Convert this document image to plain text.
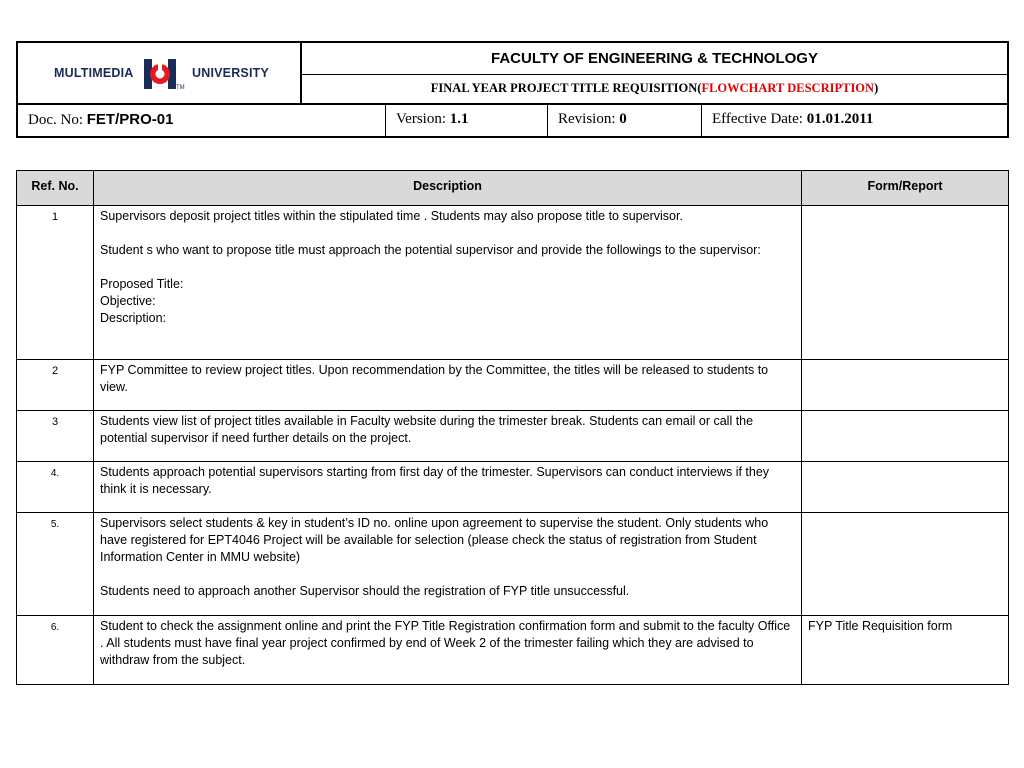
MULTIMEDIA
TM
UNIVERSITY
FACULTY OF ENGINEERING & TECHNOLOGY
FINAL YEAR PROJECT TITLE REQUISITION(FLOWCHART DESCRIPTION)
Doc. No: FET/PRO-01	Version: 1.1	Revision: 0	Effective Date: 01.01.2011
Ref. No.	Description	Form/Report
1	Supervisors deposit project titles within the stipulated time . Students may also propose title to supervisor.
Student s who want to propose title must approach the potential supervisor and provide the followings to the supervisor:
Proposed Title:
Objective:
Description:	

2	FYP Committee to review project titles. Upon recommendation by the Committee, the titles will be released to students to view.	

3	Students view list of project titles available in Faculty website during the trimester break. Students can email or call the potential supervisor if need further details on the project.	

4.	Students approach potential supervisors starting from first day of the trimester. Supervisors can conduct interviews if they think it is necessary.	

5.	Supervisors select students & key in student’s ID no. online upon agreement to supervise the student. Only students who have registered for EPT4046 Project will be available for selection (please check the status of registration from Student Information Center in MMU website)
Students need to approach another Supervisor should the registration of FYP title unsuccessful.	

6.	Student to check the assignment online and print the FYP Title Registration confirmation form and submit to the faculty Office . All students must have final year project confirmed by end of Week 2 of the trimester failing which they are advised to withdraw from the subject.	FYP Title Requisition form
